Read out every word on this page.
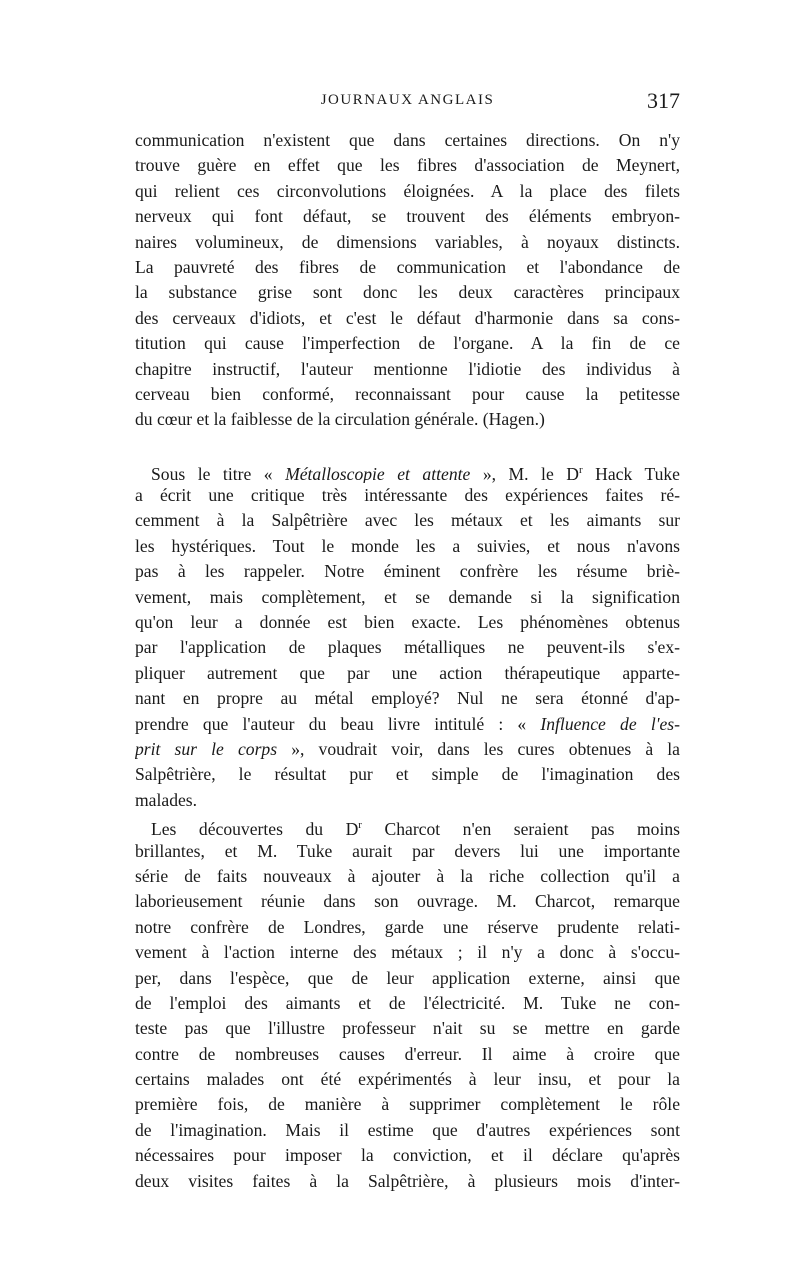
JOURNAUX ANGLAIS	317
communication n'existent que dans certaines directions. On n'y
trouve guère en effet que les fibres d'association de Meynert,
qui relient ces circonvolutions éloignées. A la place des filets
nerveux qui font défaut, se trouvent des éléments embryon-
naires volumineux, de dimensions variables, à noyaux distincts.
La pauvreté des fibres de communication et l'abondance de
la substance grise sont donc les deux caractères principaux
des cerveaux d'idiots, et c'est le défaut d'harmonie dans sa cons-
titution qui cause l'imperfection de l'organe. A la fin de ce
chapitre instructif, l'auteur mentionne l'idiotie des individus à
cerveau bien conformé, reconnaissant pour cause la petitesse
du cœur et la faiblesse de la circulation générale. (Hagen.)
Sous le titre « Métalloscopie et attente », M. le $D^r$ Hack Tuke
a écrit une critique très intéressante des expériences faites ré-
cemment à la Salpêtrière avec les métaux et les aimants sur
les hystériques. Tout le monde les a suivies, et nous n'avons
pas à les rappeler. Notre éminent confrère les résume briè-
vement, mais complètement, et se demande si la signification
qu'on leur a donnée est bien exacte. Les phénomènes obtenus
par l'application de plaques métalliques ne peuvent-ils s'ex-
pliquer autrement que par une action thérapeutique apparte-
nant en propre au métal employé? Nul ne sera étonné d'ap-
prendre que l'auteur du beau livre intitulé : « Influence de l'es-
prit sur le corps », voudrait voir, dans les cures obtenues à la
Salpêtrière, le résultat pur et simple de l'imagination des
malades.
Les découvertes du $D^r$ Charcot n'en seraient pas moins
brillantes, et M. Tuke aurait par devers lui une importante
série de faits nouveaux à ajouter à la riche collection qu'il a
laborieusement réunie dans son ouvrage. M. Charcot, remarque
notre confrère de Londres, garde une réserve prudente relati-
vement à l'action interne des métaux ; il n'y a donc à s'occu-
per, dans l'espèce, que de leur application externe, ainsi que
de l'emploi des aimants et de l'électricité. M. Tuke ne con-
teste pas que l'illustre professeur n'ait su se mettre en garde
contre de nombreuses causes d'erreur. Il aime à croire que
certains malades ont été expérimentés à leur insu, et pour la
première fois, de manière à supprimer complètement le rôle
de l'imagination. Mais il estime que d'autres expériences sont
nécessaires pour imposer la conviction, et il déclare qu'après
deux visites faites à la Salpêtrière, à plusieurs mois d'inter-
